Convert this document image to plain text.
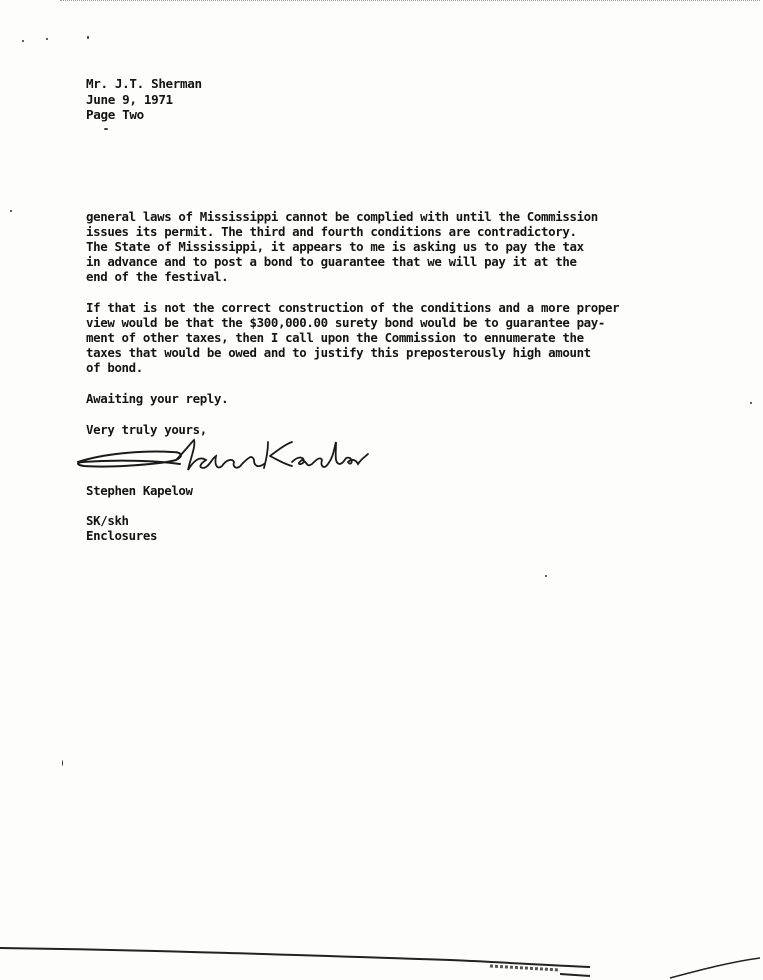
Mr. J.T. Sherman
June 9, 1971
Page Two
general laws of Mississippi cannot be complied with until the Commission
issues its permit. The third and fourth conditions are contradictory.
The State of Mississippi, it appears to me is asking us to pay the tax
in advance and to post a bond to guarantee that we will pay it at the
end of the festival.
If that is not the correct construction of the conditions and a more proper
view would be that the $300,000.00 surety bond would be to guarantee pay-
ment of other taxes, then I call upon the Commission to ennumerate the
taxes that would be owed and to justify this preposterously high amount
of bond.
Awaiting your reply.
Very truly yours,
Stephen Kapelow
SK/skh
Enclosures
